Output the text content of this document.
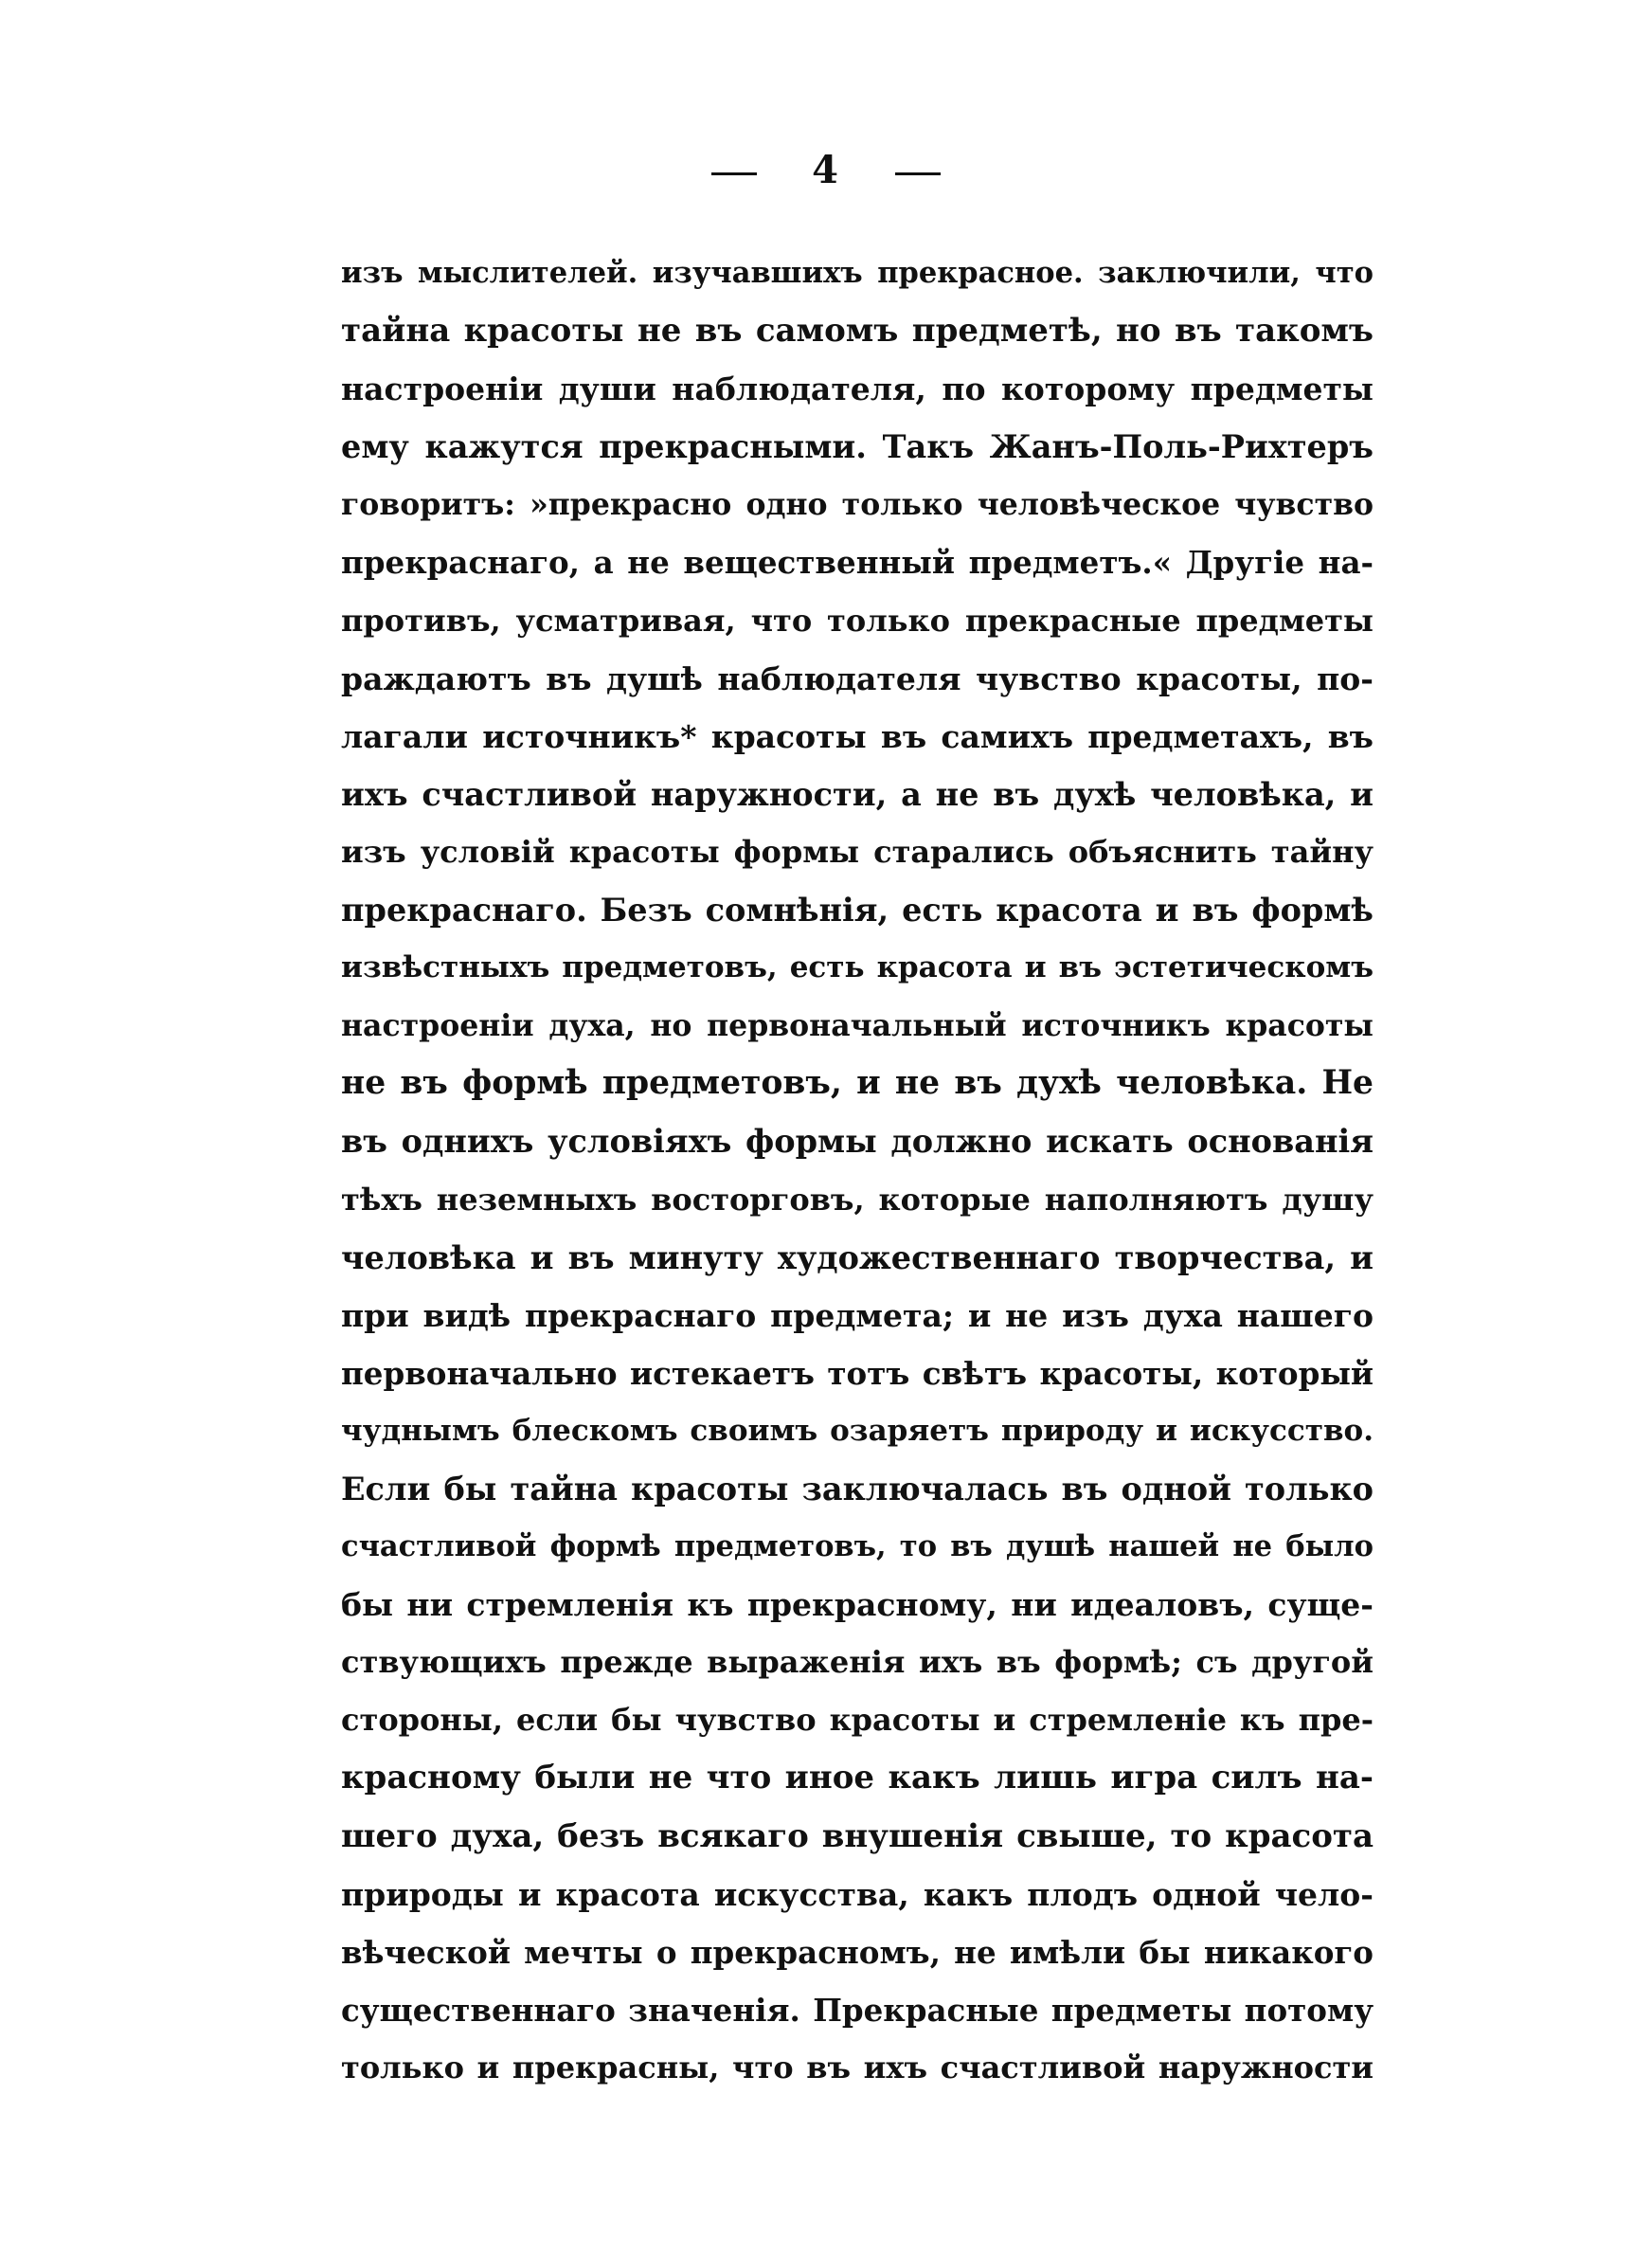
4
изъ мыслителей. изучавшихъ прекрасное. заключили, что
тайна красоты не въ самомъ предметѣ, но въ такомъ
настроеніи души наблюдателя, по которому предметы
ему кажутся прекрасными. Такъ Жанъ-Поль-Рихтеръ
говоритъ: »прекрасно одно только человѣческое чувство
прекраснаго, а не вещественный предметъ.« Другіе на-
противъ, усматривая, что только прекрасные предметы
раждаютъ въ душѣ наблюдателя чувство красоты, по-
лагали источникъ* красоты въ самихъ предметахъ, въ
ихъ счастливой наружности, а не въ духѣ человѣка, и
изъ условій красоты формы старались объяснить тайну
прекраснаго. Безъ сомнѣнія, есть красота и въ формѣ
извѣстныхъ предметовъ, есть красота и въ эстетическомъ
настроеніи духа, но первоначальный источникъ красоты
не въ формѣ предметовъ, и не въ духѣ человѣка. Не
въ однихъ условіяхъ формы должно искать основанія
тѣхъ неземныхъ восторговъ, которые наполняютъ душу
человѣка и въ минуту художественнаго творчества, и
при видѣ прекраснаго предмета; и не изъ духа нашего
первоначально истекаетъ тотъ свѣтъ красоты, который
чуднымъ блескомъ своимъ озаряетъ природу и искусство.
Если бы тайна красоты заключалась въ одной только
счастливой формѣ предметовъ, то въ душѣ нашей не было
бы ни стремленія къ прекрасному, ни идеаловъ, суще-
ствующихъ прежде выраженія ихъ въ формѣ; съ другой
стороны, если бы чувство красоты и стремленіе къ пре-
красному были не что иное какъ лишь игра силъ на-
шего духа, безъ всякаго внушенія свыше, то красота
природы и красота искусства, какъ плодъ одной чело-
вѣческой мечты о прекрасномъ, не имѣли бы никакого
существеннаго значенія. Прекрасные предметы потому
только и прекрасны, что въ ихъ счастливой наружности
